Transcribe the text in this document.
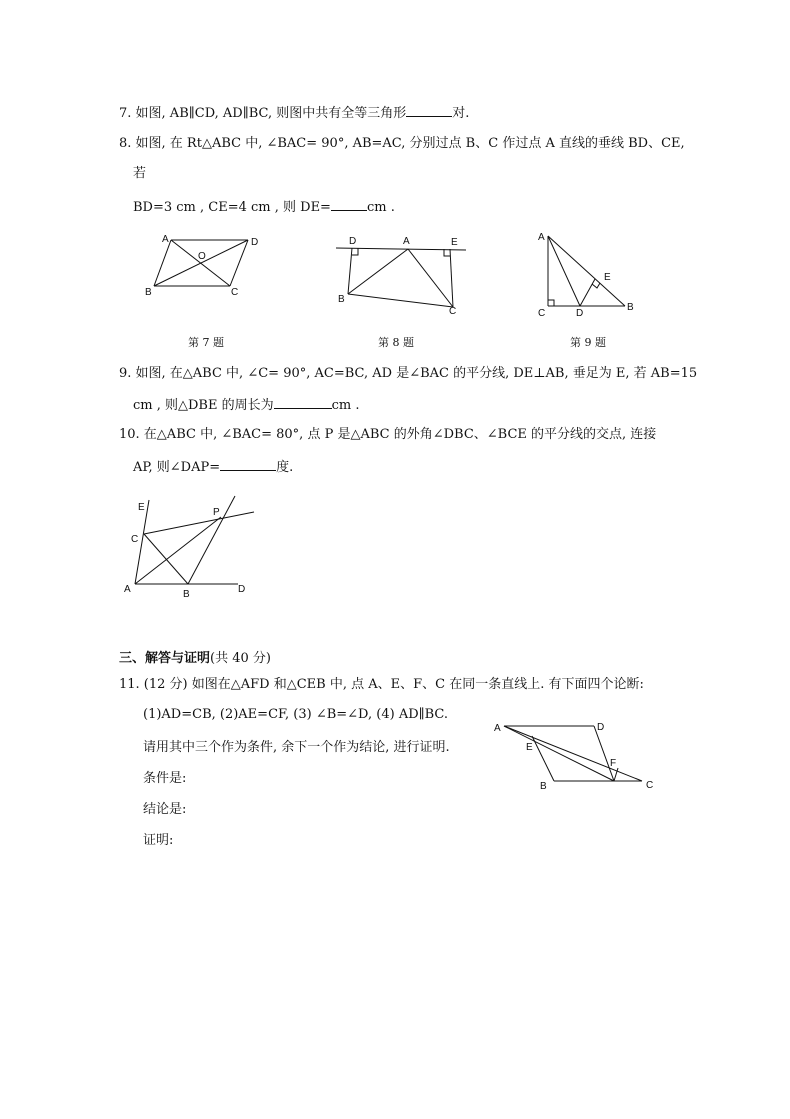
7. 如图, AB∥CD, AD∥BC, 则图中共有全等三角形	对.
8. 如图, 在 Rt△ABC 中, ∠BAC= 90°, AB=AC, 分别过点 B、C 作过点 A 直线的垂线 BD、CE,
若
BD=3 cm , CE=4 cm , 则 DE=	cm .
A	D
O
B	C
第 7 题
D	A	E
B
C
第 8 题
A
E
C	D
B
第 9 题
9. 如图, 在△ABC 中, ∠C= 90°, AC=BC, AD 是∠BAC 的平分线, DE⊥AB, 垂足为 E, 若 AB=15
cm , 则△DBE 的周长为	cm .
10. 在△ABC 中, ∠BAC= 80°, 点 P 是△ABC 的外角∠DBC、∠BCE 的平分线的交点, 连接
AP, 则∠DAP=	度.
E	P
C
A	B	D
三、解答与证明(共 40 分)
11. (12 分) 如图在△AFD 和△CEB 中, 点 A、E、F、C 在同一条直线上. 有下面四个论断:
(1)AD=CB, (2)AE=CF, (3) ∠B=∠D, (4) AD∥BC.
请用其中三个作为条件, 余下一个作为结论, 进行证明.
条件是:
结论是:
证明:
A	D
E
F
B	C
